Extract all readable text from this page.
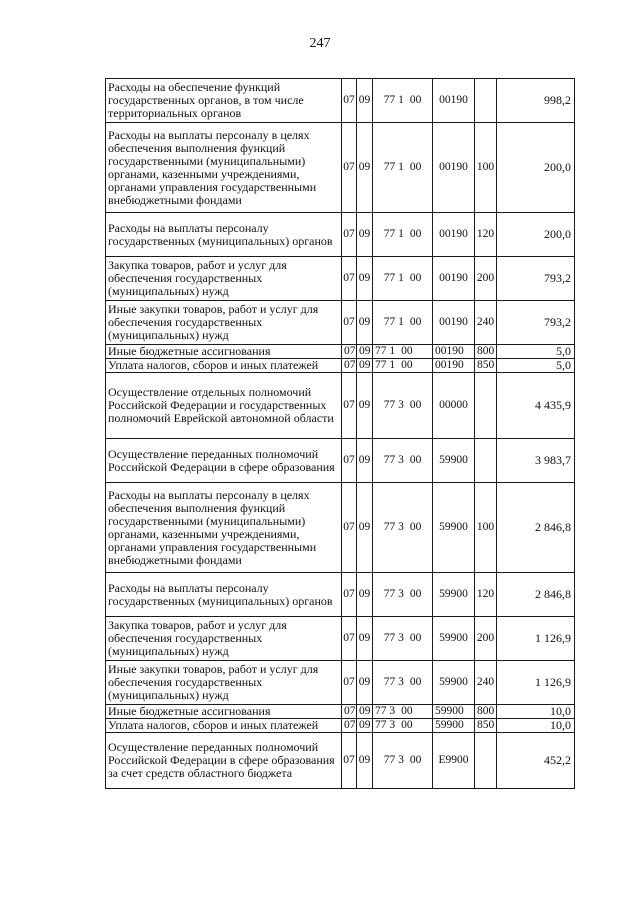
247
Расходы на обеспечение функций государственных органов, в том числе территориальных органов	07	09	77 1 00	00190		998,2
Расходы на выплаты персоналу в целях обеспечения выполнения функций государственными (муниципальными) органами, казенными учреждениями, органами управления государственными внебюджетными фондами	07	09	77 1 00	00190	100	200,0
Расходы на выплаты персоналу государственных (муниципальных) органов	07	09	77 1 00	00190	120	200,0
Закупка товаров, работ и услуг для обеспечения государственных (муниципальных) нужд	07	09	77 1 00	00190	200	793,2
Иные закупки товаров, работ и услуг для обеспечения государственных (муниципальных) нужд	07	09	77 1 00	00190	240	793,2
Иные бюджетные ассигнования	07	09	77 1 00	00190	800	5,0
Уплата налогов, сборов и иных платежей	07	09	77 1 00	00190	850	5,0
Осуществление отдельных полномочий Российской Федерации и государственных полномочий Еврейской автономной области	07	09	77 3 00	00000		4 435,9
Осуществление переданных полномочий Российской Федерации в сфере образования	07	09	77 3 00	59900		3 983,7
Расходы на выплаты персоналу в целях обеспечения выполнения функций государственными (муниципальными) органами, казенными учреждениями, органами управления государственными внебюджетными фондами	07	09	77 3 00	59900	100	2 846,8
Расходы на выплаты персоналу государственных (муниципальных) органов	07	09	77 3 00	59900	120	2 846,8
Закупка товаров, работ и услуг для обеспечения государственных (муниципальных) нужд	07	09	77 3 00	59900	200	1 126,9
Иные закупки товаров, работ и услуг для обеспечения государственных (муниципальных) нужд	07	09	77 3 00	59900	240	1 126,9
Иные бюджетные ассигнования	07	09	77 3 00	59900	800	10,0
Уплата налогов, сборов и иных платежей	07	09	77 3 00	59900	850	10,0
Осуществление переданных полномочий Российской Федерации в сфере образования за счет средств областного бюджета	07	09	77 3 00	E9900		452,2
